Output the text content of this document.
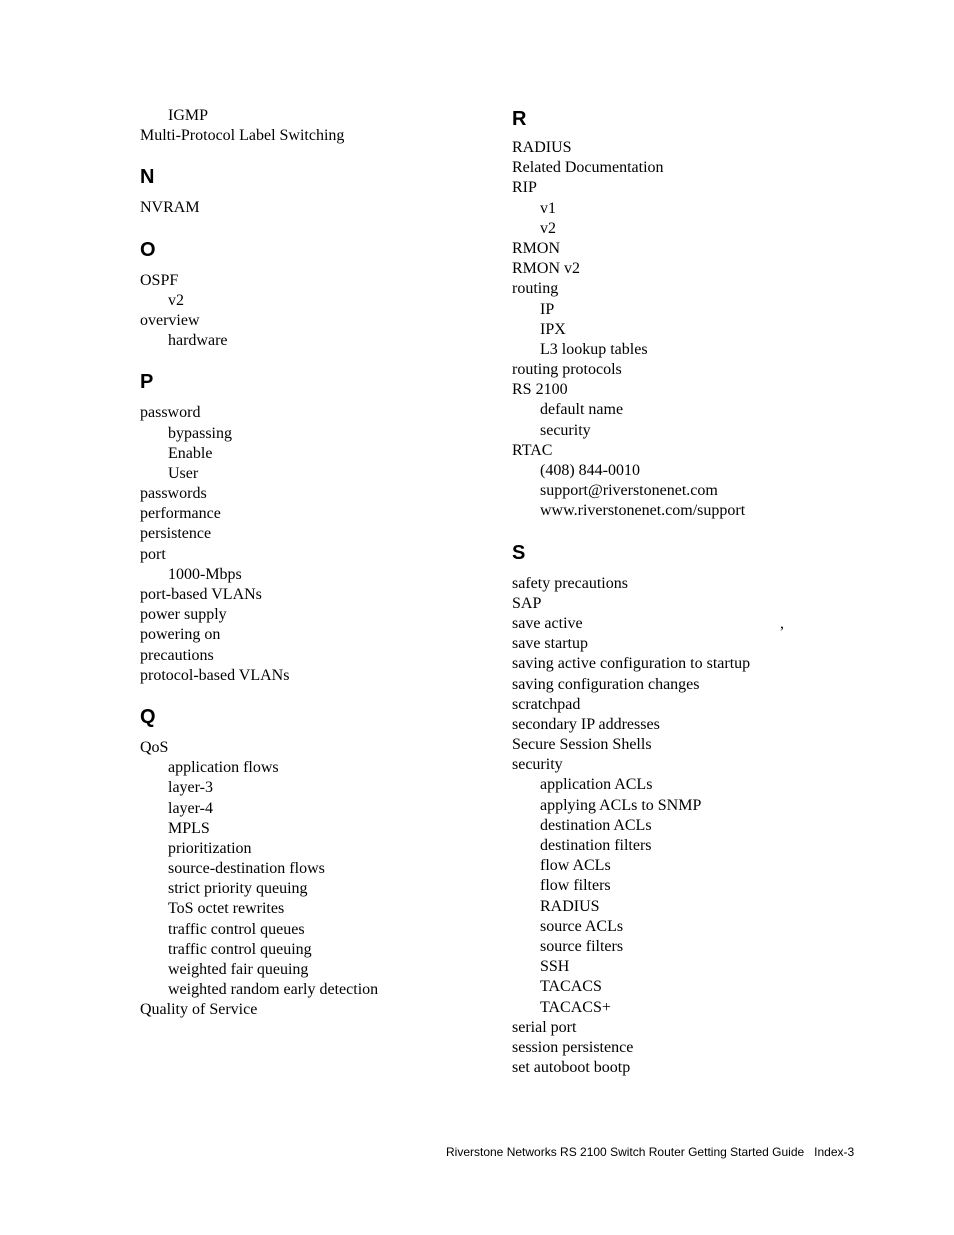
IGMP
Multi-Protocol Label Switching
N
NVRAM
O
OSPF
v2
overview
hardware
P
password
bypassing
Enable
User
passwords
performance
persistence
port
1000-Mbps
port-based VLANs
power supply
powering on
precautions
protocol-based VLANs
Q
QoS
application flows
layer-3
layer-4
MPLS
prioritization
source-destination flows
strict priority queuing
ToS octet rewrites
traffic control queues
traffic control queuing
weighted fair queuing
weighted random early detection
Quality of Service
R
RADIUS
Related Documentation
RIP
v1
v2
RMON
RMON v2
routing
IP
IPX
L3 lookup tables
routing protocols
RS 2100
default name
security
RTAC
(408) 844-0010
support@riverstonenet.com
www.riverstonenet.com/support
S
safety precautions
SAP
save active	,
save startup
saving active configuration to startup
saving configuration changes
scratchpad
secondary IP addresses
Secure Session Shells
security
application ACLs
applying ACLs to SNMP
destination ACLs
destination filters
flow ACLs
flow filters
RADIUS
source ACLs
source filters
SSH
TACACS
TACACS+
serial port
session persistence
set autoboot bootp
Riverstone Networks RS 2100 Switch Router Getting Started Guide Index-3
